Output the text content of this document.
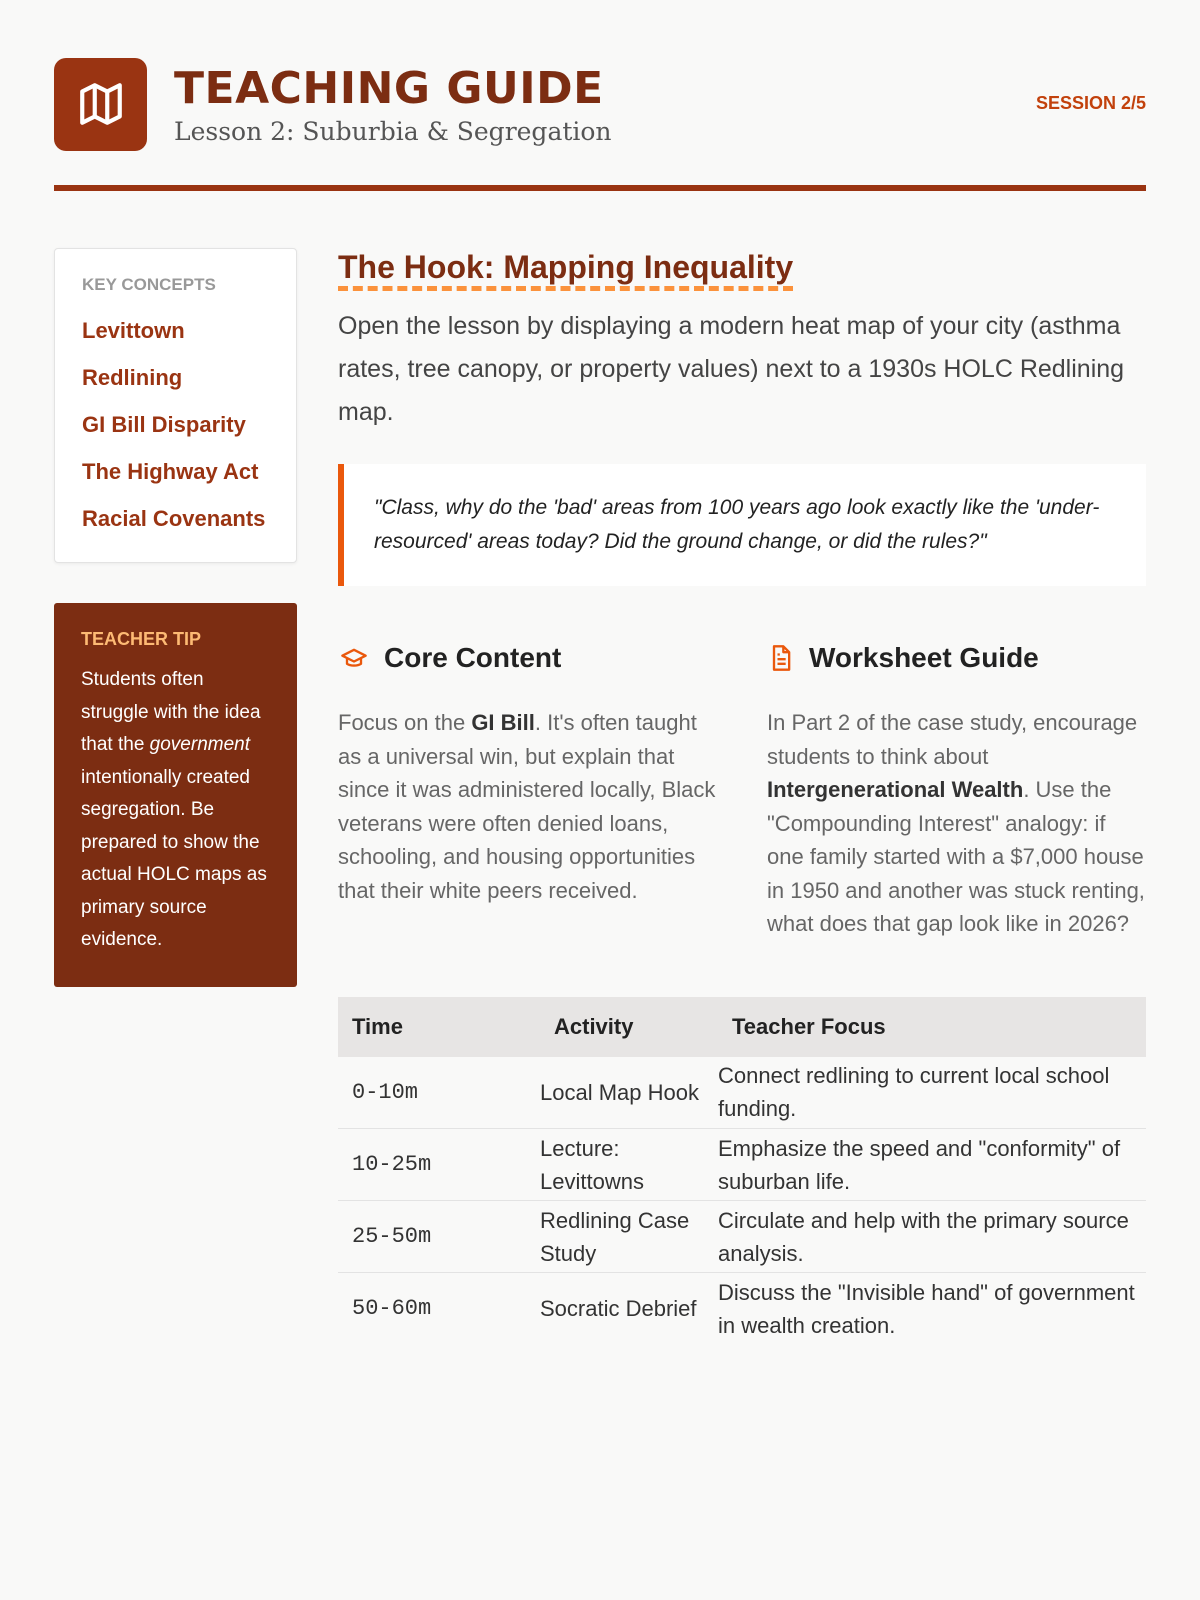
TEACHING GUIDE
Lesson 2: Suburbia & Segregation
SESSION 2/5
KEY CONCEPTS
Levittown
Redlining
GI Bill Disparity
The Highway Act
Racial Covenants
TEACHER TIP
Students often struggle with the idea that the government intentionally created segregation. Be prepared to show the actual HOLC maps as primary source evidence.
The Hook: Mapping Inequality

Open the lesson by displaying a modern heat map of your city (asthma rates, tree canopy, or property values) next to a 1930s HOLC Redlining map.

"Class, why do the 'bad' areas from 100 years ago look exactly like the 'under-resourced' areas today? Did the ground change, or did the rules?"
Core Content

Focus on the GI Bill. It's often taught as a universal win, but explain that since it was administered locally, Black veterans were often denied loans, schooling, and housing opportunities that their white peers received.

Worksheet Guide

In Part 2 of the case study, encourage students to think about Intergenerational Wealth. Use the "Compounding Interest" analogy: if one family started with a $7,000 house in 1950 and another was stuck renting, what does that gap look like in 2026?

Time	Activity	Teacher Focus
0-10m	Local Map Hook	Connect redlining to current local school funding.
10-25m	Lecture: Levittowns	Emphasize the speed and "conformity" of suburban life.
25-50m	Redlining Case Study	Circulate and help with the primary source analysis.
50-60m	Socratic Debrief	Discuss the "Invisible hand" of government in wealth creation.
